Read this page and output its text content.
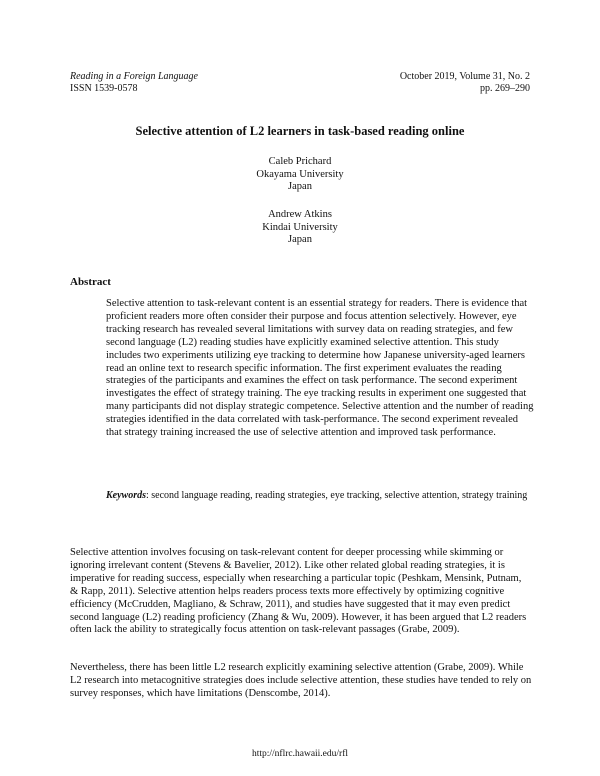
Reading in a Foreign Language
ISSN 1539-0578
October 2019, Volume 31, No. 2
pp. 269–290
Selective attention of L2 learners in task-based reading online
Caleb Prichard
Okayama University
Japan
Andrew Atkins
Kindai University
Japan
Abstract

Selective attention to task-relevant content is an essential strategy for readers. There is evidence that proficient readers more often consider their purpose and focus attention selectively. However, eye tracking research has revealed several limitations with survey data on reading strategies, and few second language (L2) reading studies have explicitly examined selective attention. This study includes two experiments utilizing eye tracking to determine how Japanese university-aged learners read an online text to research specific information. The first experiment evaluates the reading strategies of the participants and examines the effect on task performance. The second experiment investigates the effect of strategy training. The eye tracking results in experiment one suggested that many participants did not display strategic competence. Selective attention and the number of reading strategies identified in the data correlated with task-performance. The second experiment revealed that strategy training increased the use of selective attention and improved task performance.

Keywords: second language reading, reading strategies, eye tracking, selective attention, strategy training

Selective attention involves focusing on task-relevant content for deeper processing while skimming or ignoring irrelevant content (Stevens & Bavelier, 2012). Like other related global reading strategies, it is imperative for reading success, especially when researching a particular topic (Peshkam, Mensink, Putnam, & Rapp, 2011). Selective attention helps readers process texts more effectively by optimizing cognitive efficiency (McCrudden, Magliano, & Schraw, 2011), and studies have suggested that it may even predict second language (L2) reading proficiency (Zhang & Wu, 2009). However, it has been argued that L2 readers often lack the ability to strategically focus attention on task-relevant passages (Grabe, 2009).

Nevertheless, there has been little L2 research explicitly examining selective attention (Grabe, 2009). While L2 research into metacognitive strategies does include selective attention, these studies have tended to rely on survey responses, which have limitations (Denscombe, 2014).

http://nflrc.hawaii.edu/rfl
